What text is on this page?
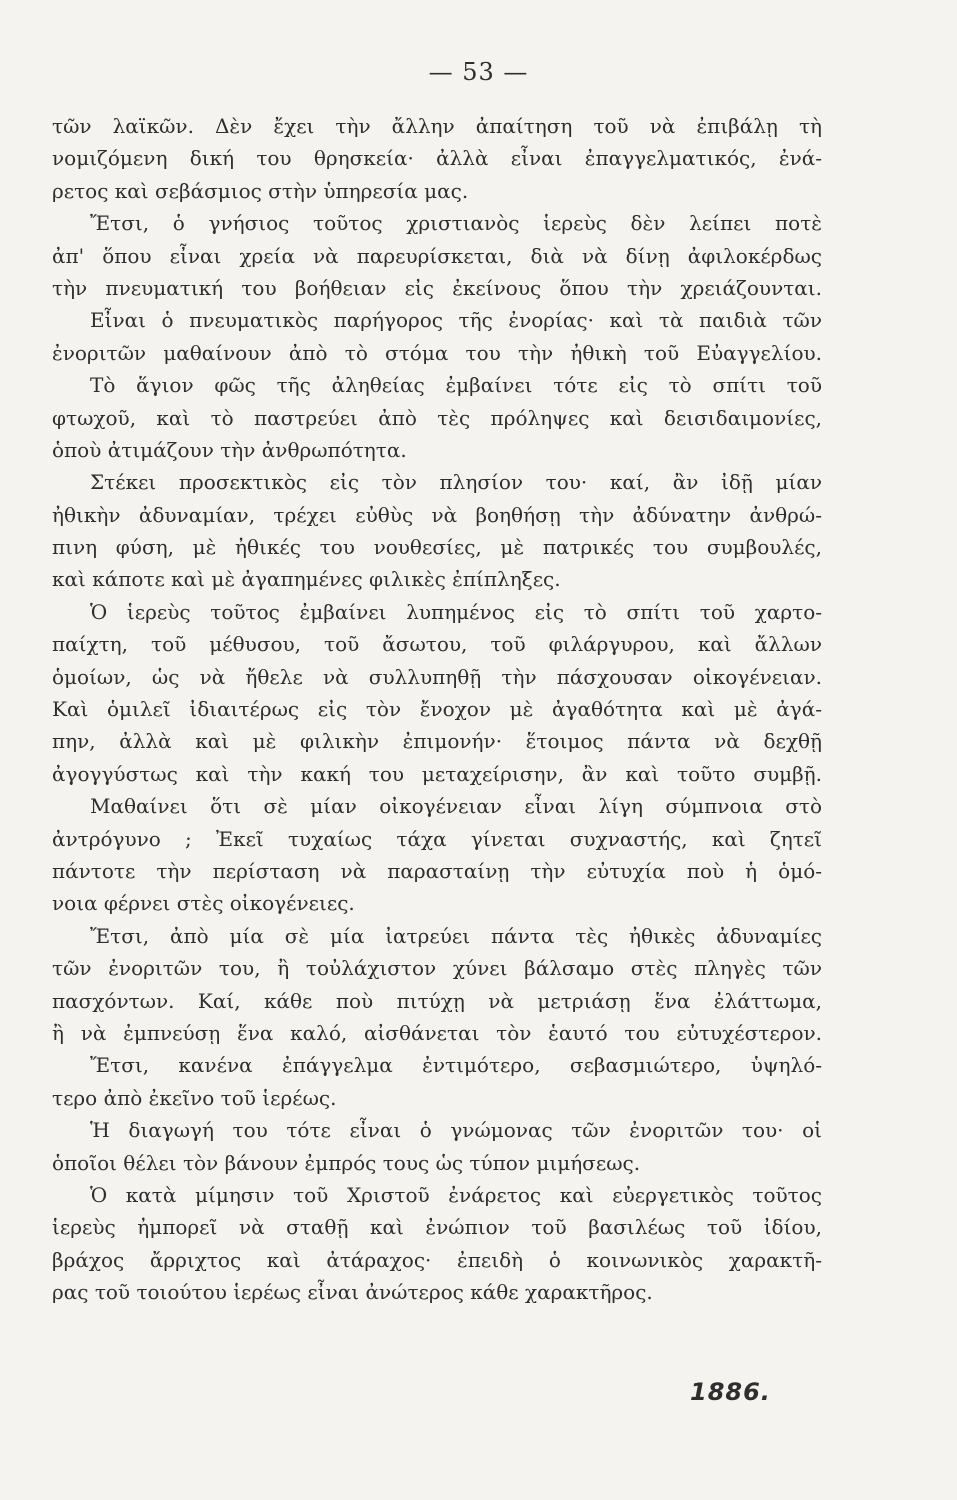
— 53 —
τῶν λαϊκῶν. Δὲν ἔχει τὴν ἄλλην ἀπαίτηση τοῦ νὰ ἐπιβάλῃ τὴ
νομιζόμενη δική του θρησκεία· ἀλλὰ εἶναι ἐπαγγελματικός, ἐνά-
ρετος καὶ σεβάσμιος στὴν ὑπηρεσία μας.
Ἔτσι, ὁ γνήσιος τοῦτος χριστιανὸς ἱερεὺς δὲν λείπει ποτὲ
ἀπ' ὅπου εἶναι χρεία νὰ παρευρίσκεται, διὰ νὰ δίνῃ ἀφιλοκέρδως
τὴν πνευματική του βοήθειαν εἰς ἐκείνους ὅπου τὴν χρειάζουνται.
Εἶναι ὁ πνευματικὸς παρήγορος τῆς ἐνορίας· καὶ τὰ παιδιὰ τῶν
ἐνοριτῶν μαθαίνουν ἀπὸ τὸ στόμα του τὴν ἠθικὴ τοῦ Εὐαγγελίου.
Τὸ ἅγιον φῶς τῆς ἀληθείας ἐμβαίνει τότε εἰς τὸ σπίτι τοῦ
φτωχοῦ, καὶ τὸ παστρεύει ἀπὸ τὲς πρόληψες καὶ δεισιδαιμονίες,
ὁποὺ ἀτιμάζουν τὴν ἀνθρωπότητα.
Στέκει προσεκτικὸς εἰς τὸν πλησίον του· καί, ἂν ἰδῇ μίαν
ἠθικὴν ἀδυναμίαν, τρέχει εὐθὺς νὰ βοηθήσῃ τὴν ἀδύνατην ἀνθρώ-
πινη φύση, μὲ ἠθικές του νουθεσίες, μὲ πατρικές του συμβουλές,
καὶ κάποτε καὶ μὲ ἀγαπημένες φιλικὲς ἐπίπληξες.
Ὁ ἱερεὺς τοῦτος ἐμβαίνει λυπημένος εἰς τὸ σπίτι τοῦ χαρτο-
παίχτη, τοῦ μέθυσου, τοῦ ἄσωτου, τοῦ φιλάργυρου, καὶ ἄλλων
ὁμοίων, ὡς νὰ ἤθελε νὰ συλλυπηθῇ τὴν πάσχουσαν οἰκογένειαν.
Καὶ ὁμιλεῖ ἰδιαιτέρως εἰς τὸν ἔνοχον μὲ ἀγαθότητα καὶ μὲ ἀγά-
πην, ἀλλὰ καὶ μὲ φιλικὴν ἐπιμονήν· ἕτοιμος πάντα νὰ δεχθῇ
ἀγογγύστως καὶ τὴν κακή του μεταχείρισην, ἂν καὶ τοῦτο συμβῇ.
Μαθαίνει ὅτι σὲ μίαν οἰκογένειαν εἶναι λίγη σύμπνοια στὸ
ἀντρόγυνο ; Ἐκεῖ τυχαίως τάχα γίνεται συχναστής, καὶ ζητεῖ
πάντοτε τὴν περίσταση νὰ παρασταίνῃ τὴν εὐτυχία ποὺ ἡ ὁμό-
νοια φέρνει στὲς οἰκογένειες.
Ἔτσι, ἀπὸ μία σὲ μία ἰατρεύει πάντα τὲς ἠθικὲς ἀδυναμίες
τῶν ἐνοριτῶν του, ἢ τοὐλάχιστον χύνει βάλσαμο στὲς πληγὲς τῶν
πασχόντων. Καί, κάθε ποὺ πιτύχῃ νὰ μετριάσῃ ἕνα ἐλάττωμα,
ἢ νὰ ἐμπνεύσῃ ἕνα καλό, αἰσθάνεται τὸν ἑαυτό του εὐτυχέστερον.
Ἔτσι, κανένα ἐπάγγελμα ἐντιμότερο, σεβασμιώτερο, ὑψηλό-
τερο ἀπὸ ἐκεῖνο τοῦ ἱερέως.
Ἡ διαγωγή του τότε εἶναι ὁ γνώμονας τῶν ἐνοριτῶν του· οἱ
ὁποῖοι θέλει τὸν βάνουν ἐμπρός τους ὡς τύπον μιμήσεως.
Ὁ κατὰ μίμησιν τοῦ Χριστοῦ ἐνάρετος καὶ εὐεργετικὸς τοῦτος
ἱερεὺς ἠμπορεῖ νὰ σταθῇ καὶ ἐνώπιον τοῦ βασιλέως τοῦ ἰδίου,
βράχος ἄρριχτος καὶ ἀτάραχος· ἐπειδὴ ὁ κοινωνικὸς χαρακτῆ-
ρας τοῦ τοιούτου ἱερέως εἶναι ἀνώτερος κάθε χαρακτῆρος.
1886.
